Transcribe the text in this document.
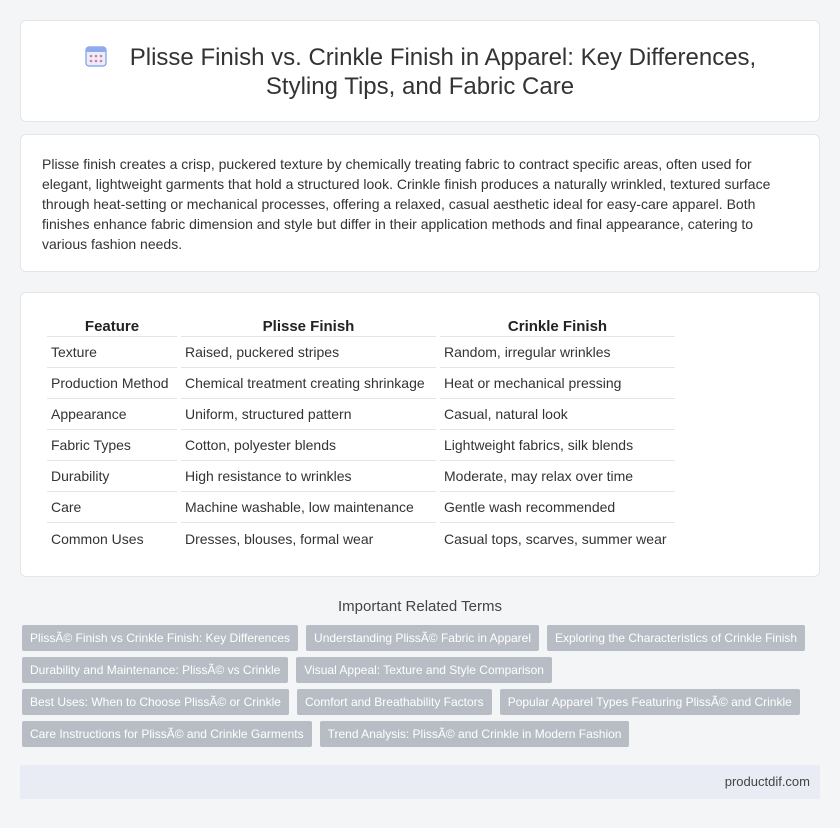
Plisse Finish vs. Crinkle Finish in Apparel: Key Differences, Styling Tips, and Fabric Care

Plisse finish creates a crisp, puckered texture by chemically treating fabric to contract specific areas, often used for elegant, lightweight garments that hold a structured look. Crinkle finish produces a naturally wrinkled, textured surface through heat-setting or mechanical processes, offering a relaxed, casual aesthetic ideal for easy-care apparel. Both finishes enhance fabric dimension and style but differ in their application methods and final appearance, catering to various fashion needs.

Feature	Plisse Finish	Crinkle Finish
Texture	Raised, puckered stripes	Random, irregular wrinkles
Production Method	Chemical treatment creating shrinkage	Heat or mechanical pressing
Appearance	Uniform, structured pattern	Casual, natural look
Fabric Types	Cotton, polyester blends	Lightweight fabrics, silk blends
Durability	High resistance to wrinkles	Moderate, may relax over time
Care	Machine washable, low maintenance	Gentle wash recommended
Common Uses	Dresses, blouses, formal wear	Casual tops, scarves, summer wear
Important Related Terms
PlissÃ© Finish vs Crinkle Finish: Key Differences	Understanding PlissÃ© Fabric in Apparel	Exploring the Characteristics of Crinkle Finish
Durability and Maintenance: PlissÃ© vs Crinkle	Visual Appeal: Texture and Style Comparison
Best Uses: When to Choose PlissÃ© or Crinkle	Comfort and Breathability Factors	Popular Apparel Types Featuring PlissÃ© and Crinkle
Care Instructions for PlissÃ© and Crinkle Garments	Trend Analysis: PlissÃ© and Crinkle in Modern Fashion
productdif.com
